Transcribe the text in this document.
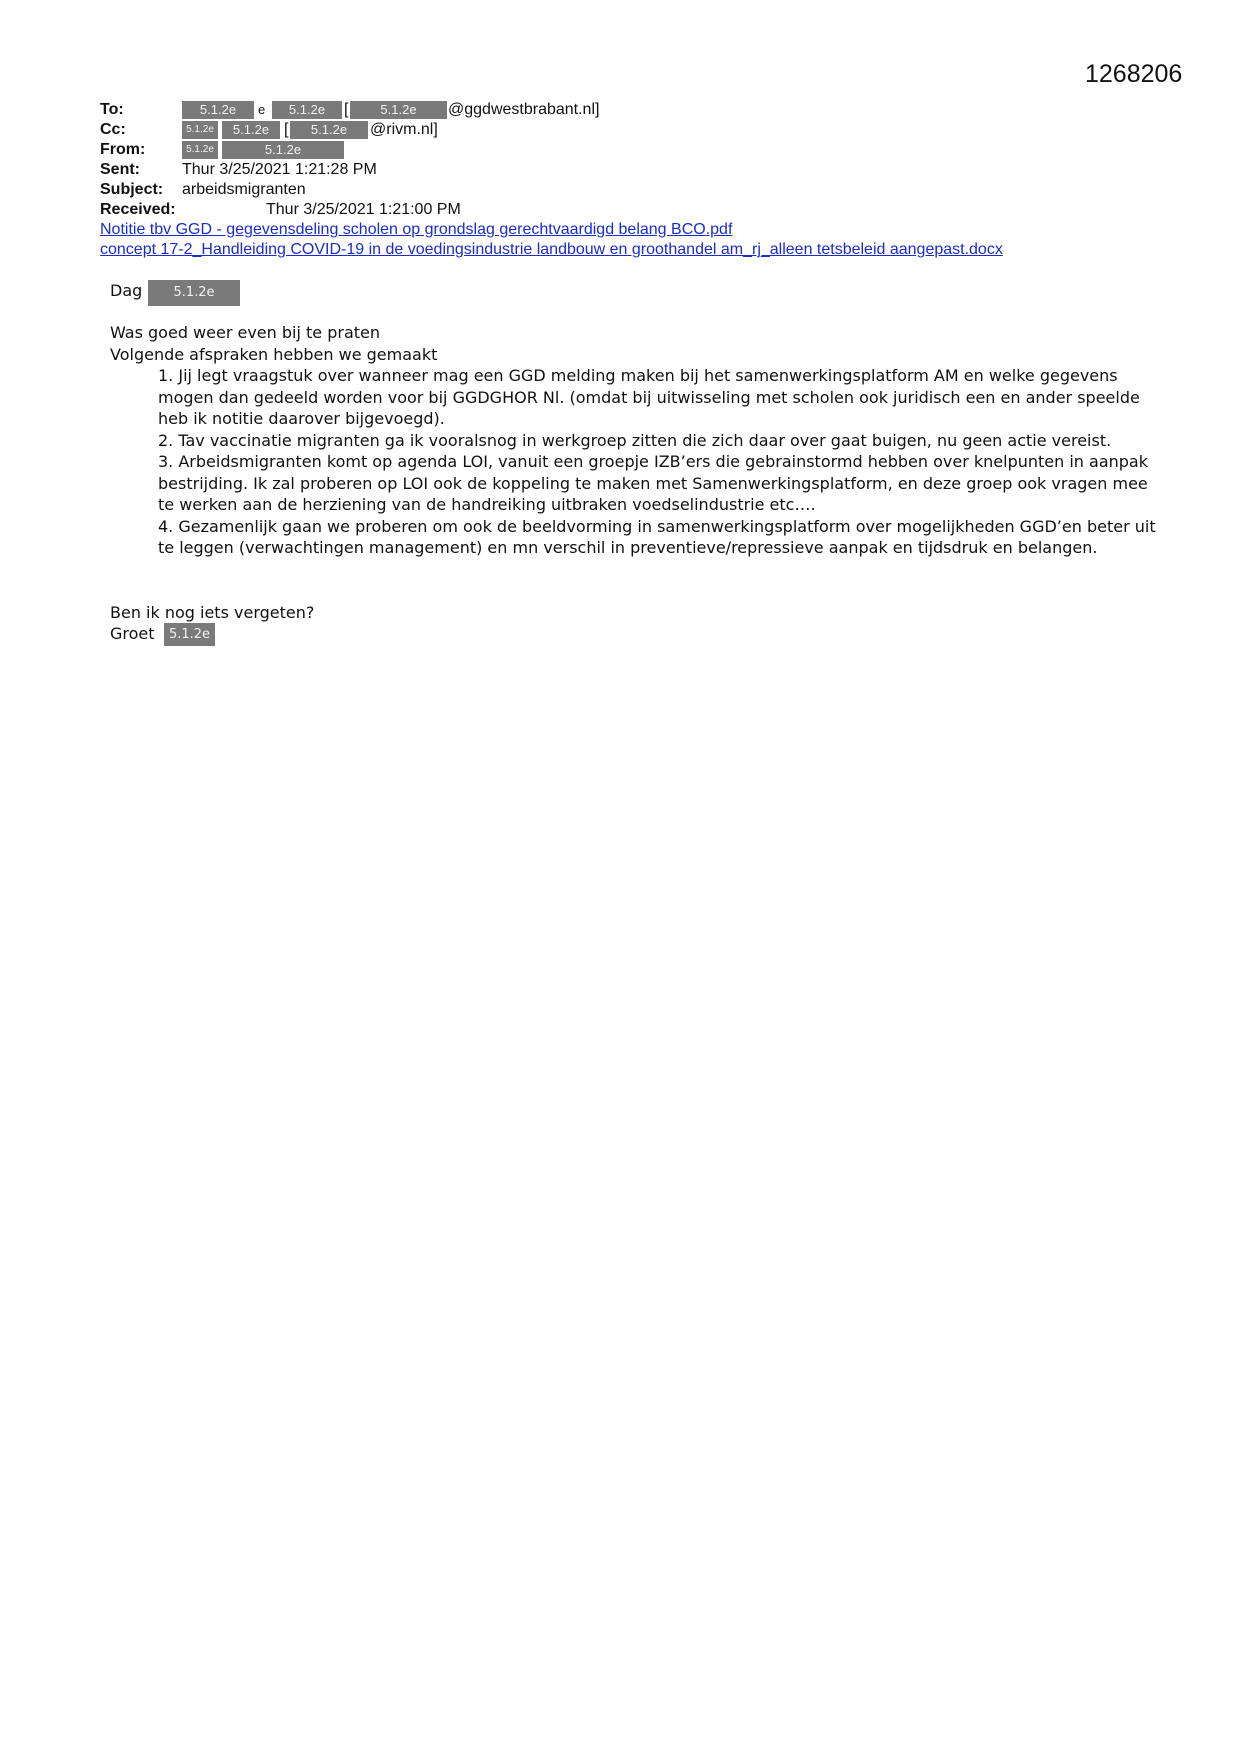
1268206
To:	5.1.2e	e	5.1.2e	[	5.1.2e	@ggdwestbrabant.nl]
Cc:	5.1.2e	5.1.2e [	5.1.2e	@rivm.nl]
From:	5.1.2e	5.1.2e
Sent:	Thur 3/25/2021 1:21:28 PM
Subject: arbeidsmigranten
Received:	Thur 3/25/2021 1:21:00 PM
Notitie tbv GGD - gegevensdeling scholen op grondslag gerechtvaardigd belang BCO.pdf
concept 17-2_Handleiding COVID-19 in de voedingsindustrie landbouw en groothandel am_rj_alleen tetsbeleid aangepast.docx
Dag	5.1.2e
Was goed weer even bij te praten
Volgende afspraken hebben we gemaakt
1. Jij legt vraagstuk over wanneer mag een GGD melding maken bij het samenwerkingsplatform AM en welke gegevens mogen dan gedeeld worden voor bij GGDGHOR Nl. (omdat bij uitwisseling met scholen ook juridisch een en ander speelde heb ik notitie daarover bijgevoegd).
2. Tav vaccinatie migranten ga ik vooralsnog in werkgroep zitten die zich daar over gaat buigen, nu geen actie vereist.
3. Arbeidsmigranten komt op agenda LOI, vanuit een groepje IZB’ers die gebrainstormd hebben over knelpunten in aanpak bestrijding. Ik zal proberen op LOI ook de koppeling te maken met Samenwerkingsplatform, en deze groep ook vragen mee te werken aan de herziening van de handreiking uitbraken voedselindustrie etc….
4. Gezamenlijk gaan we proberen om ook de beeldvorming in samenwerkingsplatform over mogelijkheden GGD’en beter uit te leggen (verwachtingen management) en mn verschil in preventieve/repressieve aanpak en tijdsdruk en belangen.
Ben ik nog iets vergeten?
Groet	5.1.2e
